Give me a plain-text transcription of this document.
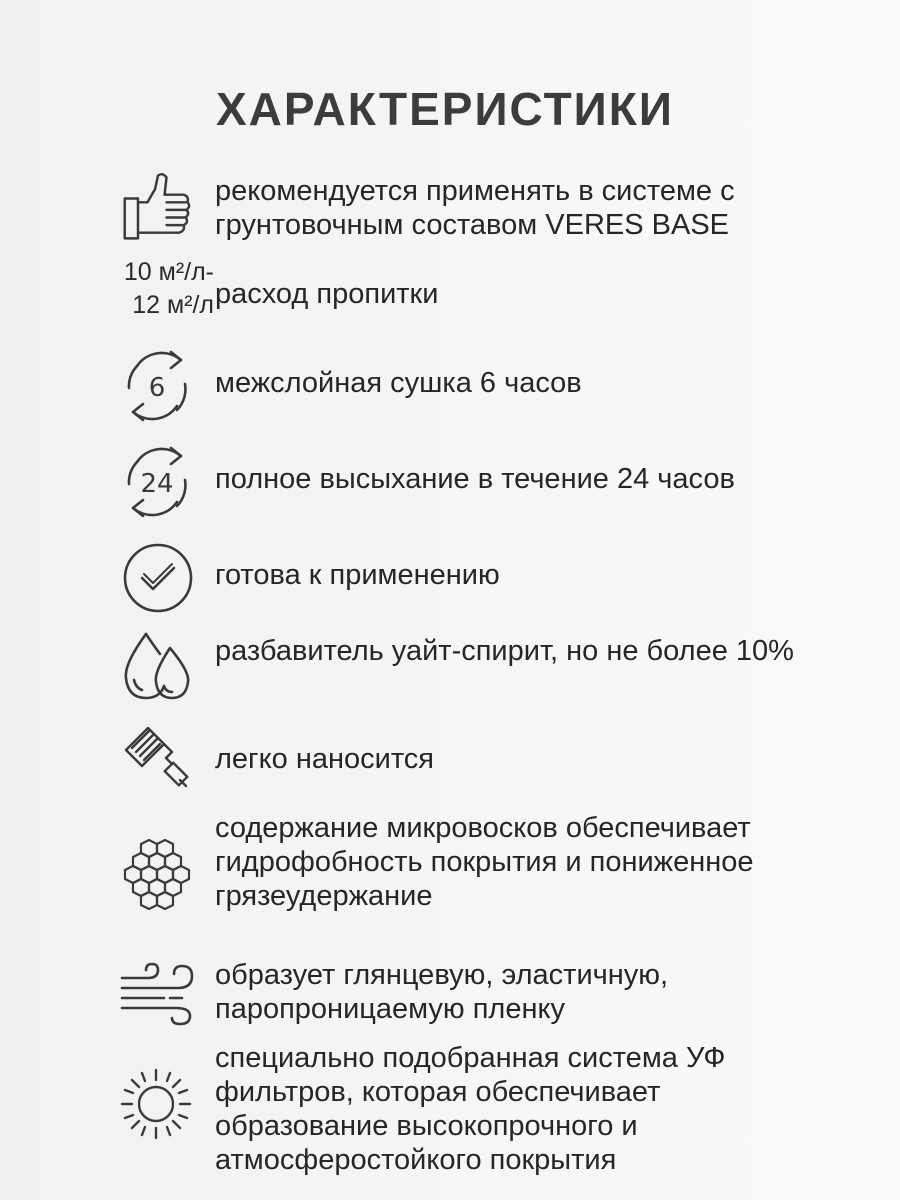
ХАРАКТЕРИСТИКИ
рекомендуется применять в системе с грунтовочным составом VERES BASE
10 м²/л-
12 м²/л расход пропитки
6 межслойная сушка 6 часов
24 полное высыхание в течение 24 часов
готова к применению
разбавитель уайт-спирит, но не более 10%
легко наносится
содержание микровосков обеспечивает гидрофобность покрытия и пониженное грязеудержание
образует глянцевую, эластичную, паропроницаемую пленку
специально подобранная система УФ фильтров, которая обеспечивает образование высокопрочного и атмосферостойкого покрытия
